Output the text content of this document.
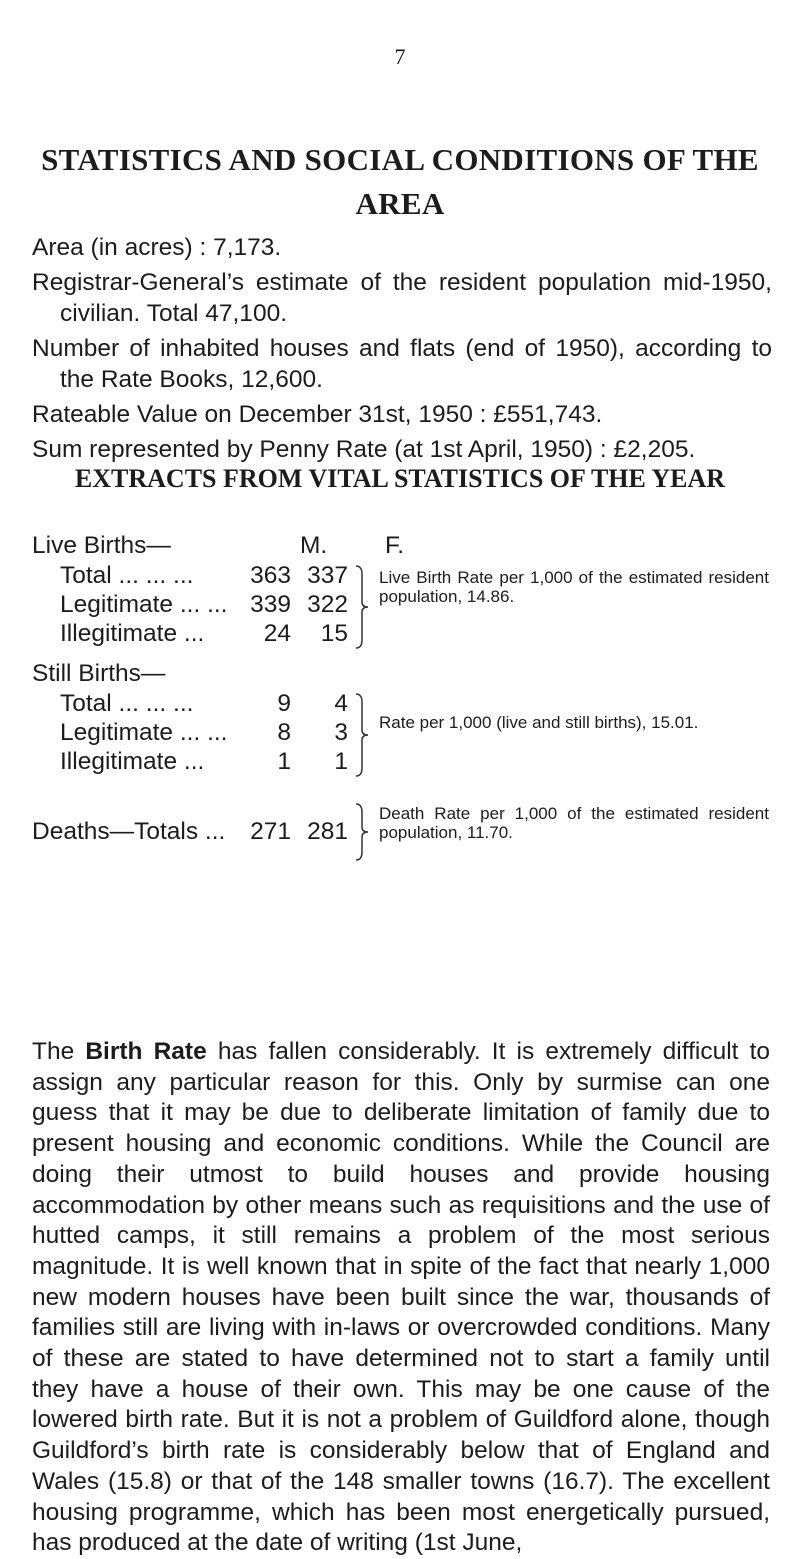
7
STATISTICS AND SOCIAL CONDITIONS OF THE AREA

Area (in acres) : 7,173.

Registrar-General’s estimate of the resident population mid-1950, civilian. Total 47,100.

Number of inhabited houses and flats (end of 1950), according to the Rate Books, 12,600.

Rateable Value on December 31st, 1950 : £551,743.

Sum represented by Penny Rate (at 1st April, 1950) : £2,205.

EXTRACTS FROM VITAL STATISTICS OF THE YEAR
M. F.
Live Births—
Total ... ... ...	363 337
Legitimate ... ... 339 322
Illegitimate ...	24	15
Live Birth Rate per 1,000 of the estimated resident population, 14.86.
Still Births—
Total ... ... ...	9	4
Legitimate ... ...	8	3
Illegitimate ...	1	1
Rate per 1,000 (live and still births), 15.01.
Deaths—Totals ...	271 281
Death Rate per 1,000 of the estimated resident population, 11.70.
The Birth Rate has fallen considerably. It is extremely difficult to assign any particular reason for this. Only by surmise can one guess that it may be due to deliberate limitation of family due to present housing and economic conditions. While the Council are doing their utmost to build houses and provide housing accommodation by other means such as requisitions and the use of hutted camps, it still remains a problem of the most serious magnitude. It is well known that in spite of the fact that nearly 1,000 new modern houses have been built since the war, thousands of families still are living with in-laws or overcrowded conditions. Many of these are stated to have determined not to start a family until they have a house of their own. This may be one cause of the lowered birth rate. But it is not a problem of Guildford alone, though Guildford’s birth rate is considerably below that of England and Wales (15.8) or that of the 148 smaller towns (16.7). The excellent housing programme, which has been most energetically pursued, has produced at the date of writing (1st June,
